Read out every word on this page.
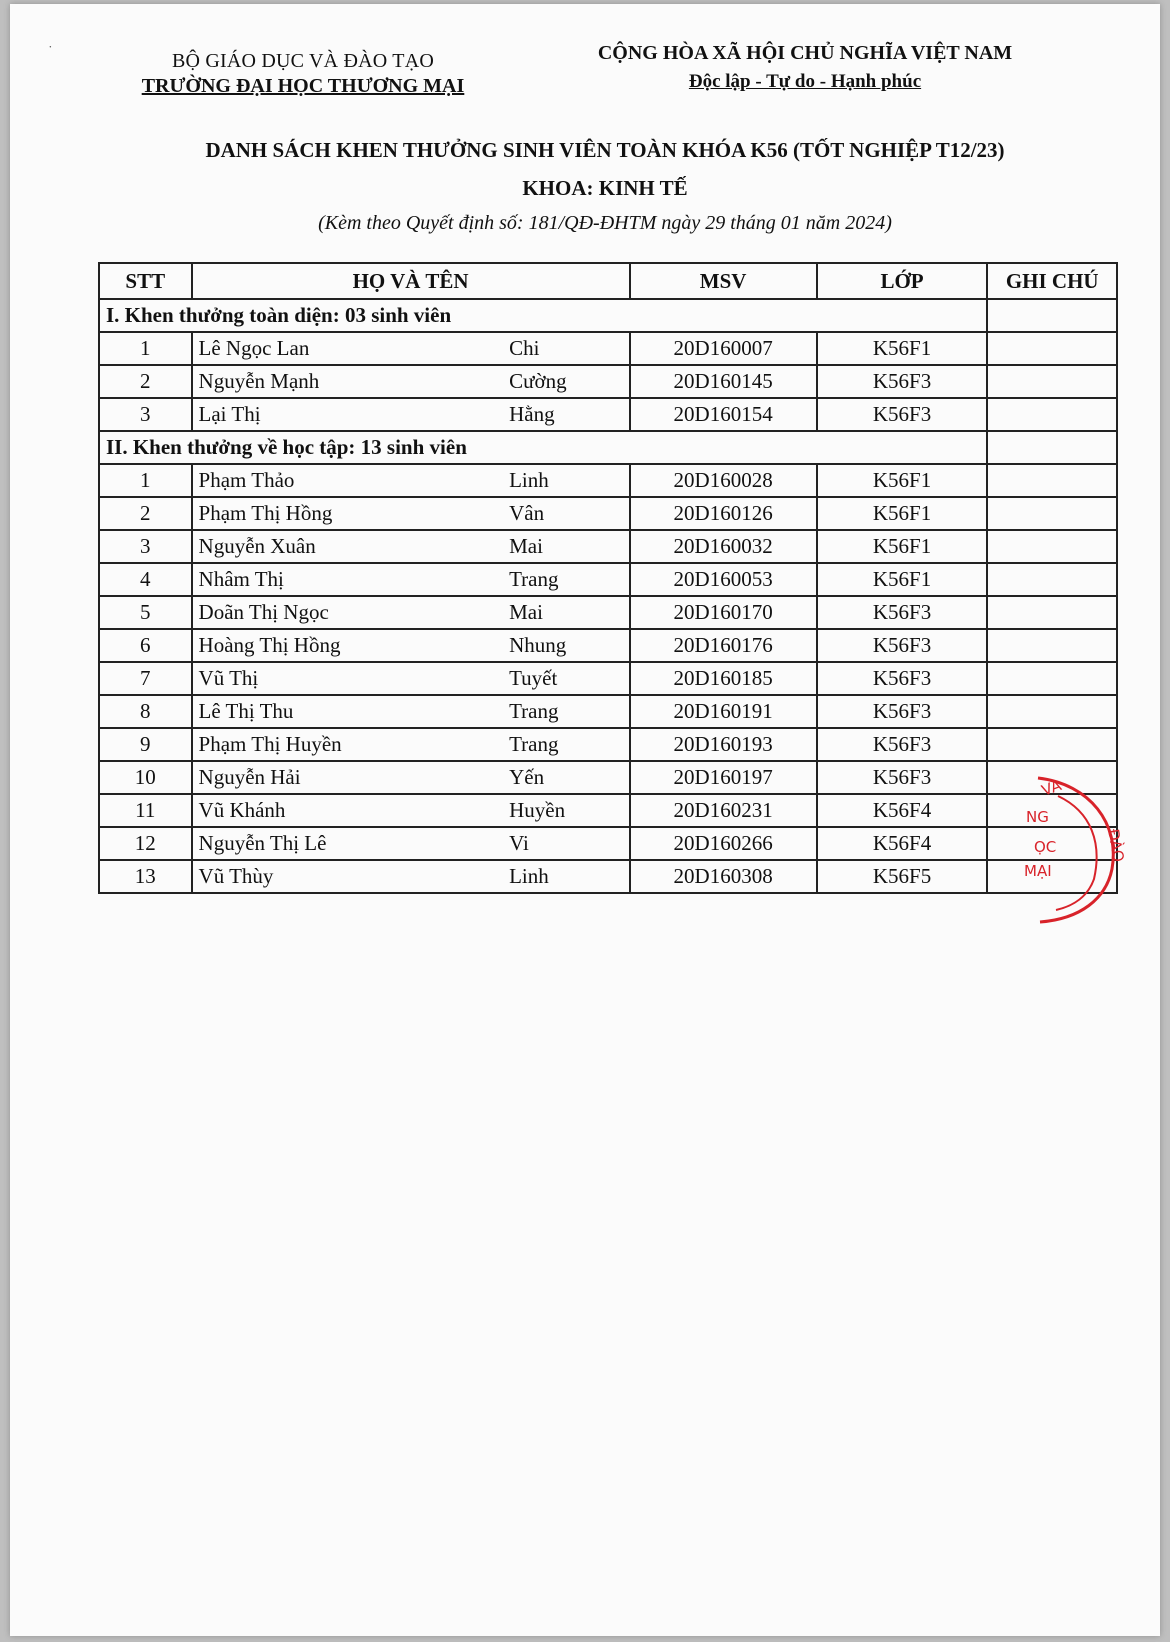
BỘ GIÁO DỤC VÀ ĐÀO TẠO
TRƯỜNG ĐẠI HỌC THƯƠNG MẠI
CỘNG HÒA XÃ HỘI CHỦ NGHĨA VIỆT NAM
Độc lập - Tự do - Hạnh phúc
DANH SÁCH KHEN THƯỞNG SINH VIÊN TOÀN KHÓA K56 (TỐT NGHIỆP T12/23)
KHOA: KINH TẾ
(Kèm theo Quyết định số: 181/QĐ-ĐHTM ngày 29 tháng 01 năm 2024)
STT	HỌ VÀ TÊN		MSV	LỚP	GHI CHÚ
I. Khen thưởng toàn diện: 03 sinh viên					
1	Lê Ngọc Lan	Chi	20D160007	K56F1	
2	Nguyễn Mạnh	Cường	20D160145	K56F3	
3	Lại Thị	Hằng	20D160154	K56F3	
II. Khen thưởng về học tập: 13 sinh viên					
1	Phạm Thảo	Linh	20D160028	K56F1	
2	Phạm Thị Hồng	Vân	20D160126	K56F1	
3	Nguyễn Xuân	Mai	20D160032	K56F1	
4	Nhâm Thị	Trang	20D160053	K56F1	
5	Doãn Thị Ngọc	Mai	20D160170	K56F3	
6	Hoàng Thị Hồng	Nhung	20D160176	K56F3	
7	Vũ Thị	Tuyết	20D160185	K56F3	
8	Lê Thị Thu	Trang	20D160191	K56F3	
9	Phạm Thị Huyền	Trang	20D160193	K56F3	
10	Nguyễn Hải	Yến	20D160197	K56F3	
11	Vũ Khánh	Huyền	20D160231	K56F4	
12	Nguyễn Thị Lê	Vi	20D160266	K56F4	
13	Vũ Thùy	Linh	20D160308	K56F5	
VA
NG
ỌC
MẠI
ĐÀO
˙
